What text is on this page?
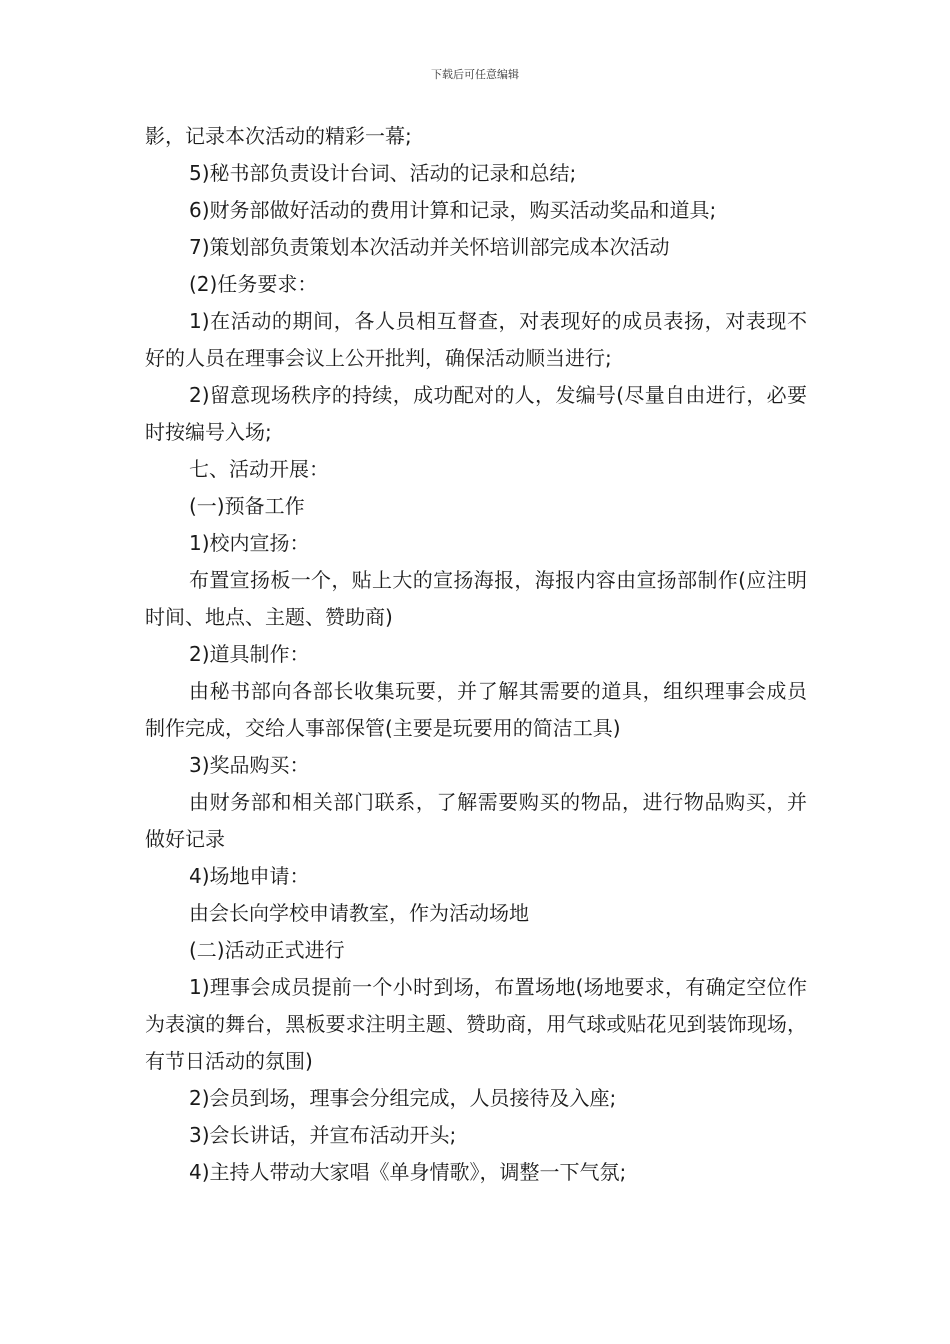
下载后可任意编辑

影，记录本次活动的精彩一幕;

5)秘书部负责设计台词、活动的记录和总结;

6)财务部做好活动的费用计算和记录，购买活动奖品和道具;

7)策划部负责策划本次活动并关怀培训部完成本次活动

(2)任务要求：

1)在活动的期间，各人员相互督查，对表现好的成员表扬，对表现不好的人员在理事会议上公开批判，确保活动顺当进行;

2)留意现场秩序的持续，成功配对的人，发编号(尽量自由进行，必要时按编号入场;

七、活动开展：

(一)预备工作

1)校内宣扬：

布置宣扬板一个，贴上大的宣扬海报，海报内容由宣扬部制作(应注明时间、地点、主题、赞助商)

2)道具制作：

由秘书部向各部长收集玩要，并了解其需要的道具，组织理事会成员制作完成，交给人事部保管(主要是玩要用的简洁工具)

3)奖品购买：

由财务部和相关部门联系，了解需要购买的物品，进行物品购买，并做好记录

4)场地申请：

由会长向学校申请教室，作为活动场地

(二)活动正式进行

1)理事会成员提前一个小时到场，布置场地(场地要求，有确定空位作为表演的舞台，黑板要求注明主题、赞助商，用气球或贴花见到装饰现场，有节日活动的氛围)

2)会员到场，理事会分组完成，人员接待及入座;

3)会长讲话，并宣布活动开头;

4)主持人带动大家唱《单身情歌》，调整一下气氛;
